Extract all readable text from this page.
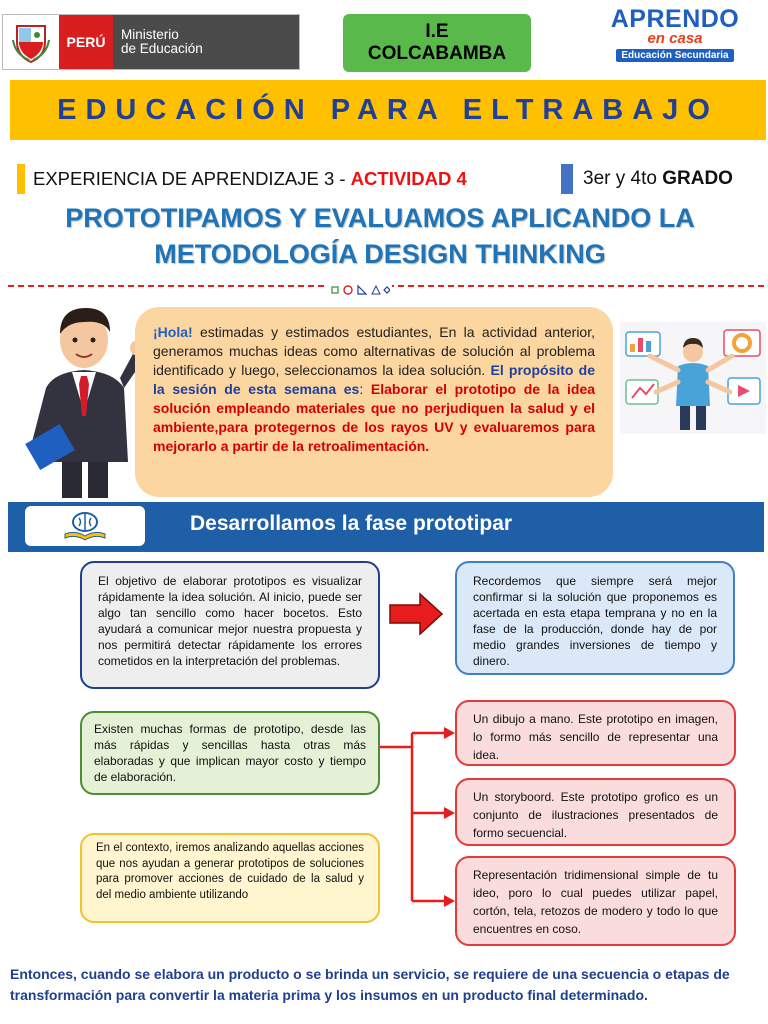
PERÚ	Ministerio
de Educación
I.E
COLCABAMBA
APRENDO
en casa
Educación Secundaria
EDUCACIÓN PARA ELTRABAJO
EXPERIENCIA DE APRENDIZAJE 3 - ACTIVIDAD 4	3er y 4to GRADO
PROTOTIPAMOS Y EVALUAMOS APLICANDO LA
METODOLOGÍA DESIGN THINKING
¡Hola! estimadas y estimados estudiantes, En la actividad anterior, generamos muchas ideas como alternativas de solución al problema identificado y luego, seleccionamos la idea solución. El propósito de la sesión de esta semana es: Elaborar el prototipo de la idea solución empleando materiales que no perjudiquen la salud y el ambiente,para protegernos de los rayos UV y evaluaremos para mejorarlo a partir de la retroalimentación.
Desarrollamos la fase prototipar
El objetivo de elaborar prototipos es visualizar rápidamente la idea solución. Al inicio, puede ser algo tan sencillo como hacer bocetos. Esto ayudará a comunicar mejor nuestra propuesta y nos permitirá detectar rápidamente los errores cometidos en la interpretación del problemas.
Recordemos que siempre será mejor confirmar si la solución que proponemos es acertada en esta etapa temprana y no en la fase de la producción, donde hay de por medio grandes inversiones de tiempo y dinero.
Existen muchas formas de prototipo, desde las más rápidas y sencillas hasta otras más elaboradas y que implican mayor costo y tiempo de elaboración.
En el contexto, iremos analizando aquellas acciones que nos ayudan a generar prototipos de soluciones para promover acciones de cuidado de la salud y del medio ambiente utilizando
Un dibujo a mano. Este prototipo en imagen, lo formo más sencillo de representar una idea.
Un storyboord. Este prototipo grofico es un conjunto de ilustraciones presentados de formo secuencial.
Representación tridimensional simple de tu ideo, poro lo cual puedes utilizar papel, cortón, tela, retozos de modero y todo lo que encuentres en coso.
Entonces, cuando se elabora un producto o se brinda un servicio, se requiere de una secuencia o etapas de transformación para convertir la materia prima y los insumos en un producto final determinado.
